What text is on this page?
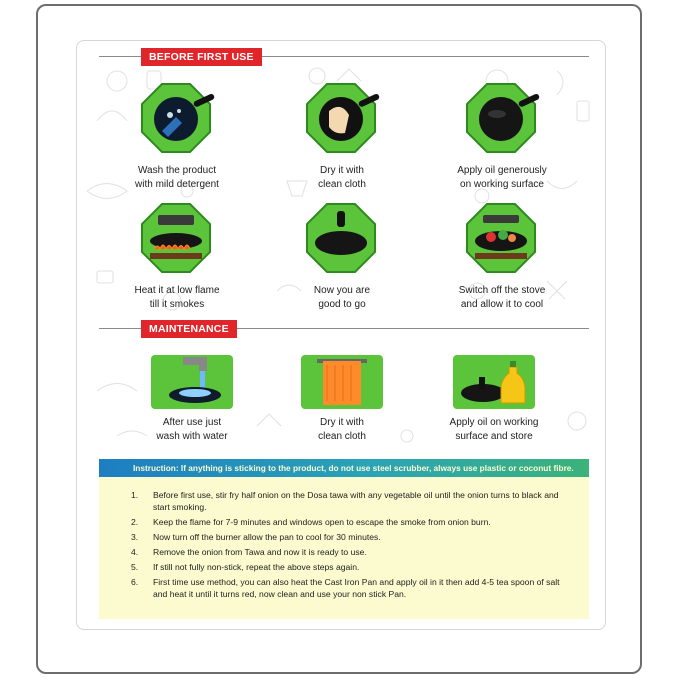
BEFORE FIRST USE
Wash the product
with mild detergent
Dry it with
clean cloth
Apply oil generously
on working surface
Heat it at low flame
till it smokes
Now you are
good to go
Switch off the stove
and allow it to cool
MAINTENANCE
After use just
wash with water
Dry it with
clean cloth
Apply oil on working
surface and store
Instruction: If anything is sticking to the product, do not use steel scrubber, always use plastic or coconut fibre.
1.	Before first use, stir fry half onion on the Dosa tawa with any vegetable oil until the onion turns to black and start smoking.
2.	Keep the flame for 7-9 minutes and windows open to escape the smoke from onion burn.
3.	Now turn off the burner allow the pan to cool for 30 minutes.
4.	Remove the onion from Tawa and now it is ready to use.
5.	If still not fully non-stick, repeat the above steps again.
6.	First time use method, you can also heat the Cast Iron Pan and apply oil in it then add 4-5 tea spoon of salt and heat it until it turns red, now clean and use your non stick Pan.
